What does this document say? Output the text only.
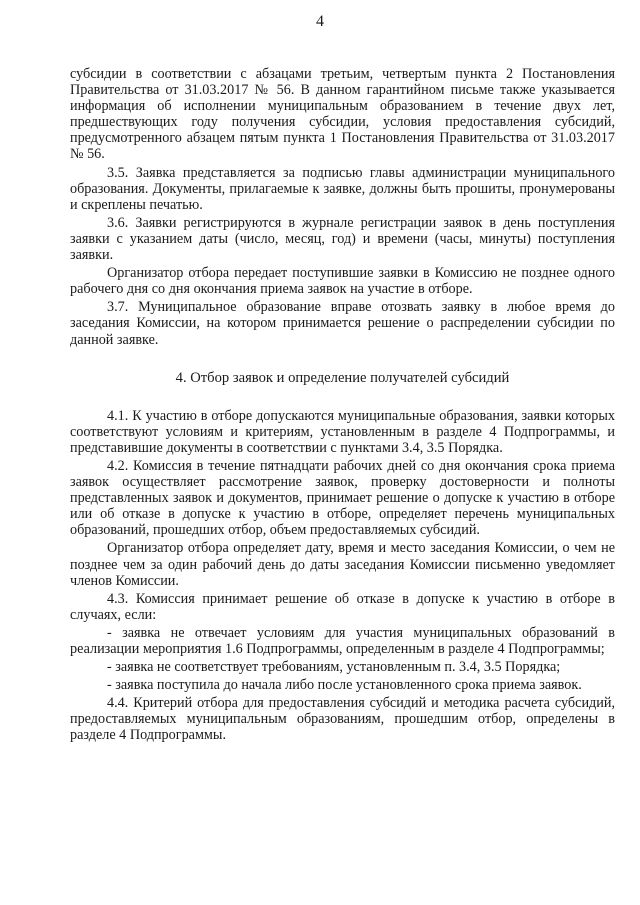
4

субсидии в соответствии с абзацами третьим, четвертым пункта 2 Постановления Правительства от 31.03.2017 № 56. В данном гарантийном письме также указывается информация об исполнении муниципальным образованием в течение двух лет, предшествующих году получения субсидии, условия предоставления субсидий, предусмотренного абзацем пятым пункта 1 Постановления Правительства от 31.03.2017 № 56.

3.5. Заявка представляется за подписью главы администрации муниципального образования. Документы, прилагаемые к заявке, должны быть прошиты, пронумерованы и скреплены печатью.

3.6. Заявки регистрируются в журнале регистрации заявок в день поступления заявки с указанием даты (число, месяц, год) и времени (часы, минуты) поступления заявки.

Организатор отбора передает поступившие заявки в Комиссию не позднее одного рабочего дня со дня окончания приема заявок на участие в отборе.

3.7. Муниципальное образование вправе отозвать заявку в любое время до заседания Комиссии, на котором принимается решение о распределении субсидии по данной заявке.

4. Отбор заявок и определение получателей субсидий

4.1. К участию в отборе допускаются муниципальные образования, заявки которых соответствуют условиям и критериям, установленным в разделе 4 Подпрограммы, и представившие документы в соответствии с пунктами 3.4, 3.5 Порядка.

4.2. Комиссия в течение пятнадцати рабочих дней со дня окончания срока приема заявок осуществляет рассмотрение заявок, проверку достоверности и полноты представленных заявок и документов, принимает решение о допуске к участию в отборе или об отказе в допуске к участию в отборе, определяет перечень муниципальных образований, прошедших отбор, объем предоставляемых субсидий.

Организатор отбора определяет дату, время и место заседания Комиссии, о чем не позднее чем за один рабочий день до даты заседания Комиссии письменно уведомляет членов Комиссии.

4.3. Комиссия принимает решение об отказе в допуске к участию в отборе в случаях, если:

- заявка не отвечает условиям для участия муниципальных образований в реализации мероприятия 1.6 Подпрограммы, определенным в разделе 4 Подпрограммы;

- заявка не соответствует требованиям, установленным п. 3.4, 3.5 Порядка;

- заявка поступила до начала либо после установленного срока приема заявок.

4.4. Критерий отбора для предоставления субсидий и методика расчета субсидий, предоставляемых муниципальным образованиям, прошедшим отбор, определены в разделе 4 Подпрограммы.
